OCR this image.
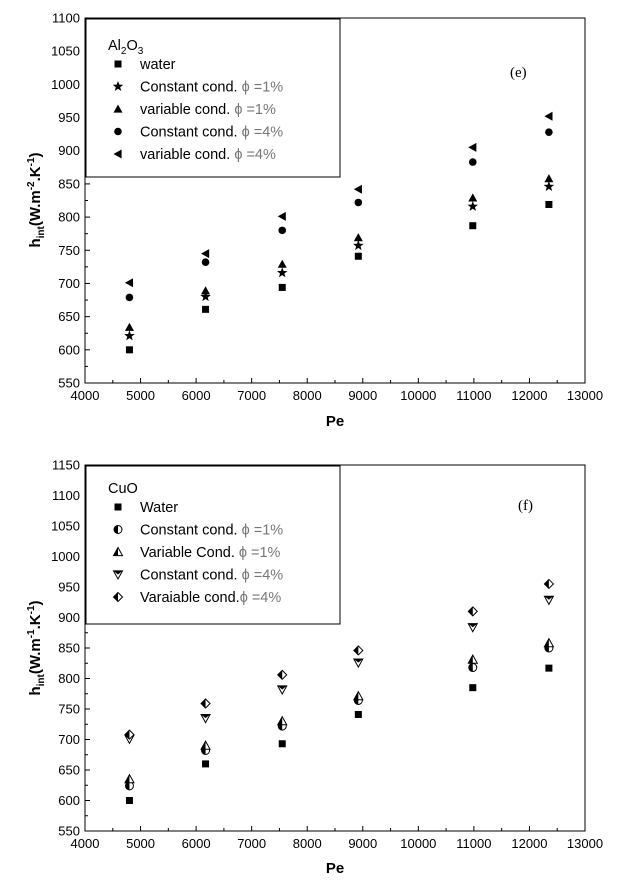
4000 5000 6000 7000 8000 9000 10000 11000 12000 13000
550
600
650
700
750
800
850
900
950
1000
1050
1100
water
Constant cond. ϕ =1%
variable cond. ϕ =1%
Constant cond. ϕ =4%
variable cond. ϕ =4%
(e)
Pe
$h_{int}(W.m^{-2}.K^{-1})$
$Al_2O_3$
4000 5000 6000 7000 8000 9000 10000 11000 12000 13000
550
600
650
700
750
800
850
900
950
1000
1050
1100
1150
Water
Constant cond. ϕ =1%
Variable Cond. ϕ =1%
Constant cond. ϕ =4%
Varaiable cond.ϕ =4%
(f)
Pe
$h_{int}(W.m^{-1}.K^{-1})$
CuO
